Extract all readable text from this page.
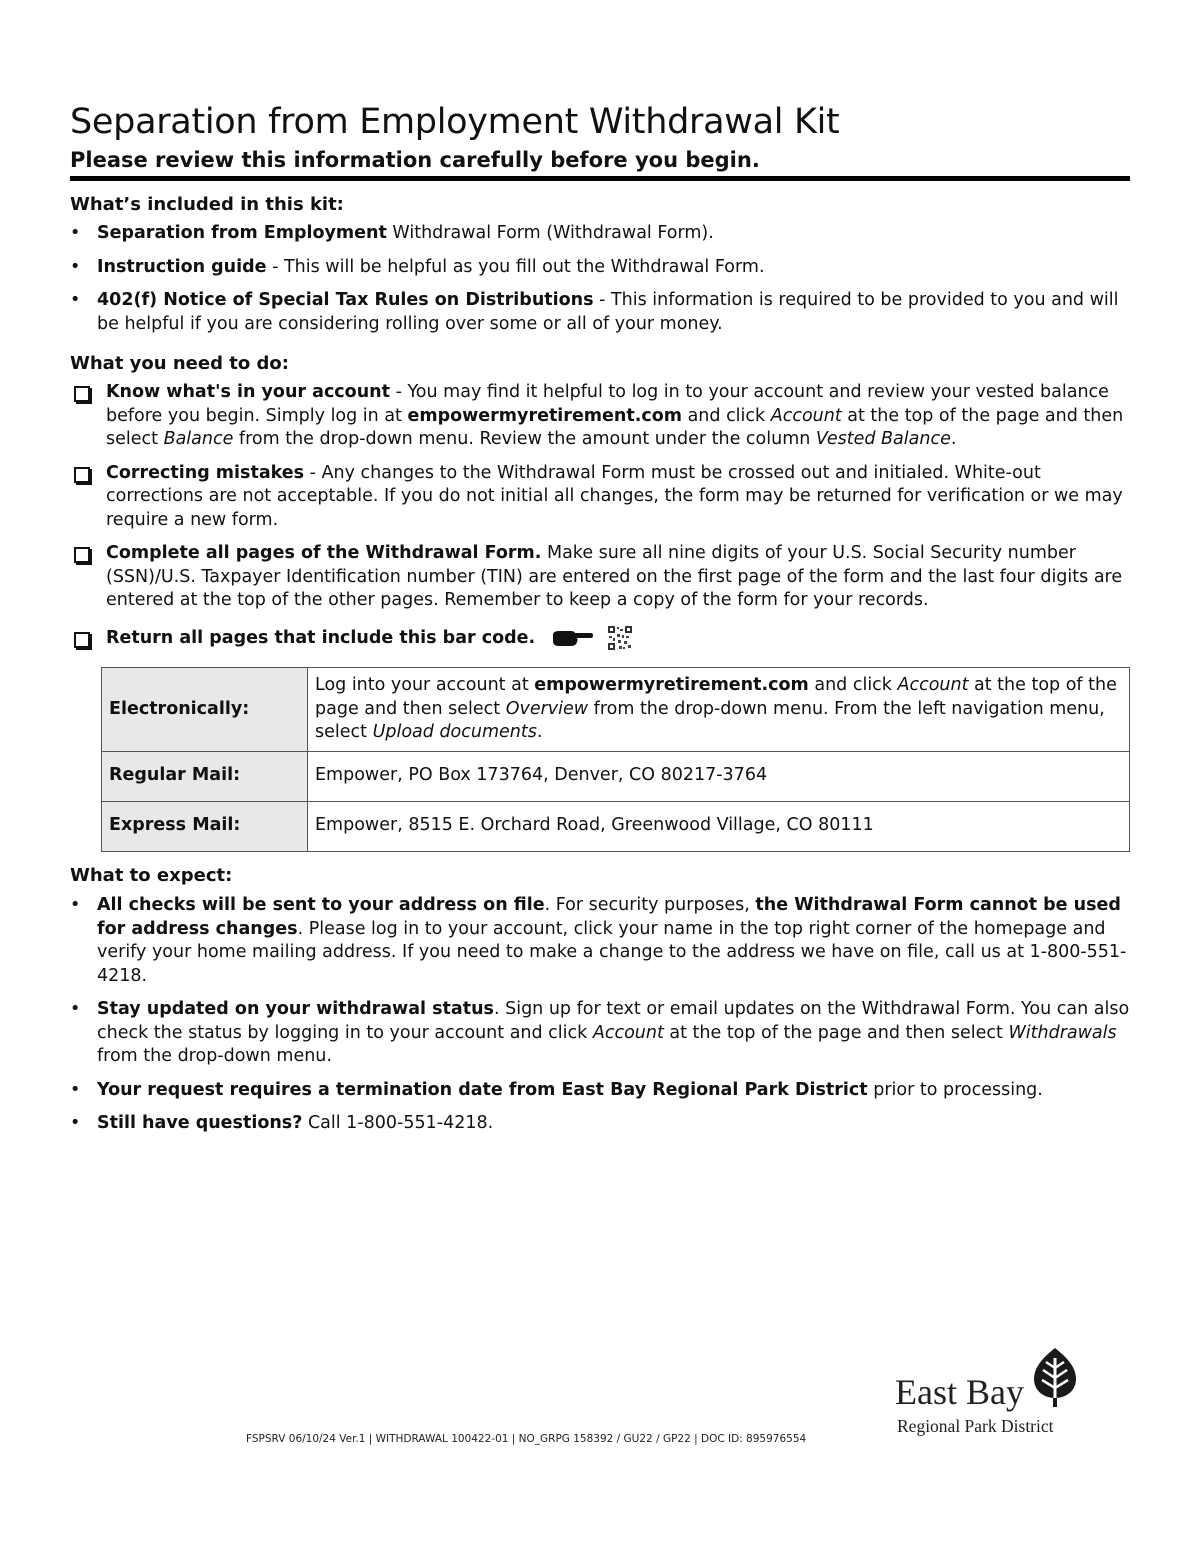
Separation from Employment Withdrawal Kit
Please review this information carefully before you begin.
What’s included in this kit:
• Separation from Employment Withdrawal Form (Withdrawal Form).
• Instruction guide - This will be helpful as you fill out the Withdrawal Form.
• 402(f) Notice of Special Tax Rules on Distributions - This information is required to be provided to you and will be helpful if you are considering rolling over some or all of your money.
What you need to do:
Know what's in your account - You may find it helpful to log in to your account and review your vested balance before you begin. Simply log in at empowermyretirement.com and click Account at the top of the page and then select Balance from the drop-down menu. Review the amount under the column Vested Balance.
Correcting mistakes - Any changes to the Withdrawal Form must be crossed out and initialed. White-out corrections are not acceptable. If you do not initial all changes, the form may be returned for verification or we may require a new form.
Complete all pages of the Withdrawal Form. Make sure all nine digits of your U.S. Social Security number (SSN)/U.S. Taxpayer Identification number (TIN) are entered on the first page of the form and the last four digits are entered at the top of the other pages. Remember to keep a copy of the form for your records.
Return all pages that include this bar code.
Electronically:	Log into your account at empowermyretirement.com and click Account at the top of the page and then select Overview from the drop-down menu. From the left navigation menu, select Upload documents.
Regular Mail:	Empower, PO Box 173764, Denver, CO 80217-3764
Express Mail:	Empower, 8515 E. Orchard Road, Greenwood Village, CO 80111
What to expect:
• All checks will be sent to your address on file. For security purposes, the Withdrawal Form cannot be used for address changes. Please log in to your account, click your name in the top right corner of the homepage and verify your home mailing address. If you need to make a change to the address we have on file, call us at 1-800-551-4218.
• Stay updated on your withdrawal status. Sign up for text or email updates on the Withdrawal Form. You can also check the status by logging in to your account and click Account at the top of the page and then select Withdrawals from the drop-down menu.
• Your request requires a termination date from East Bay Regional Park District prior to processing.
• Still have questions? Call 1-800-551-4218.
FSPSRV 06/10/24 Ver.1 | WITHDRAWAL 100422-01 | NO_GRPG 158392 / GU22 / GP22 | DOC ID: 895976554
East Bay
Regional Park District
